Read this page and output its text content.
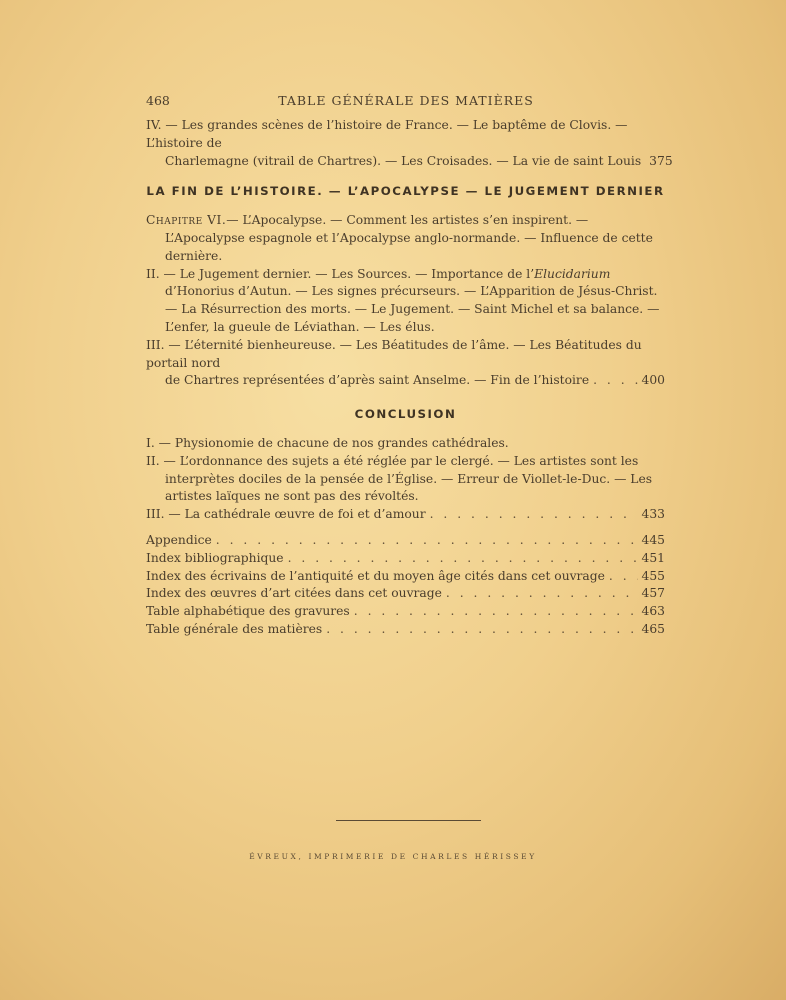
468	TABLE GÉNÉRALE DES MATIÈRES
IV. — Les grandes scènes de l’histoire de France. — Le baptême de Clovis. — L’histoire de
Charlemagne (vitrail de Chartres). — Les Croisades. — La vie de saint Louis 375
LA FIN DE L’HISTOIRE. — L’APOCALYPSE — LE JUGEMENT DERNIER

Chapitre VI.— L’Apocalypse. — Comment les artistes s’en inspirent. — L’Apocalypse espagnole et l’Apocalypse anglo-normande. — Influence de cette dernière.

II. — Le Jugement dernier. — Les Sources. — Importance de l’Elucidarium d’Honorius d’Autun. — Les signes précurseurs. — L’Apparition de Jésus-Christ. — La Résurrection des morts. — Le Jugement. — Saint Michel et sa balance. — L’enfer, la gueule de Léviathan. — Les élus.

III. — L’éternité bienheureuse. — Les Béatitudes de l’âme. — Les Béatitudes du portail nord
de Chartres représentées d’après saint Anselme. — Fin de l’histoire . . .	400
CONCLUSION

I. — Physionomie de chacune de nos grandes cathédrales.

II. — L’ordonnance des sujets a été réglée par le clergé. — Les artistes sont les interprètes dociles de la pensée de l’Église. — Erreur de Viollet-le-Duc. — Les artistes laïques ne sont pas des révoltés.

III. — La cathédrale œuvre de foi et d’amour . . .	433
Appendice . . .	445
Index bibliographique . . .	451
Index des écrivains de l’antiquité et du moyen âge cités dans cet ouvrage . . .	455
Index des œuvres d’art citées dans cet ouvrage . . .	457
Table alphabétique des gravures . . .	463
Table générale des matières . . .	465
ÉVREUX, IMPRIMERIE DE CHARLES HÉRISSEY
